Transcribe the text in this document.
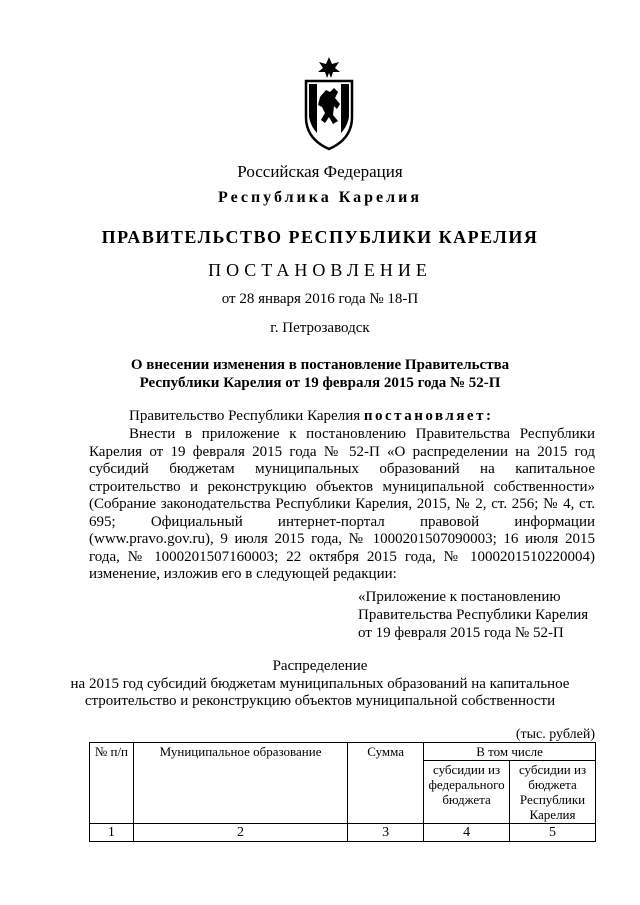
Российская Федерация
Республика Карелия
ПРАВИТЕЛЬСТВО РЕСПУБЛИКИ КАРЕЛИЯ
ПОСТАНОВЛЕНИЕ
от 28 января 2016 года № 18-П
г. Петрозаводск
О внесении изменения в постановление Правительства
Республики Карелия от 19 февраля 2015 года № 52-П
Правительство Республики Карелия постановляет:
Внести в приложение к постановлению Правительства Республики Карелия от 19 февраля 2015 года № 52-П «О распределении на 2015 год субсидий бюджетам муниципальных образований на капитальное строительство и реконструкцию объектов муниципальной собственности» (Собрание законодательства Республики Карелия, 2015, № 2, ст. 256; № 4, ст. 695; Официальный интернет-портал правовой информации (www.pravo.gov.ru), 9 июля 2015 года, № 1000201507090003; 16 июля 2015 года, № 1000201507160003; 22 октября 2015 года, № 1000201510220004) изменение, изложив его в следующей редакции:
«Приложение к постановлению
Правительства Республики Карелия
от 19 февраля 2015 года № 52-П
Распределение
на 2015 год субсидий бюджетам муниципальных образований на капитальное
строительство и реконструкцию объектов муниципальной собственности
(тыс. рублей)
№ п/п	Муниципальное образование	Сумма	В том числе	
			субсидии из федерального бюджета	субсидии из бюджета Республики Карелия
1	2	3	4	5
